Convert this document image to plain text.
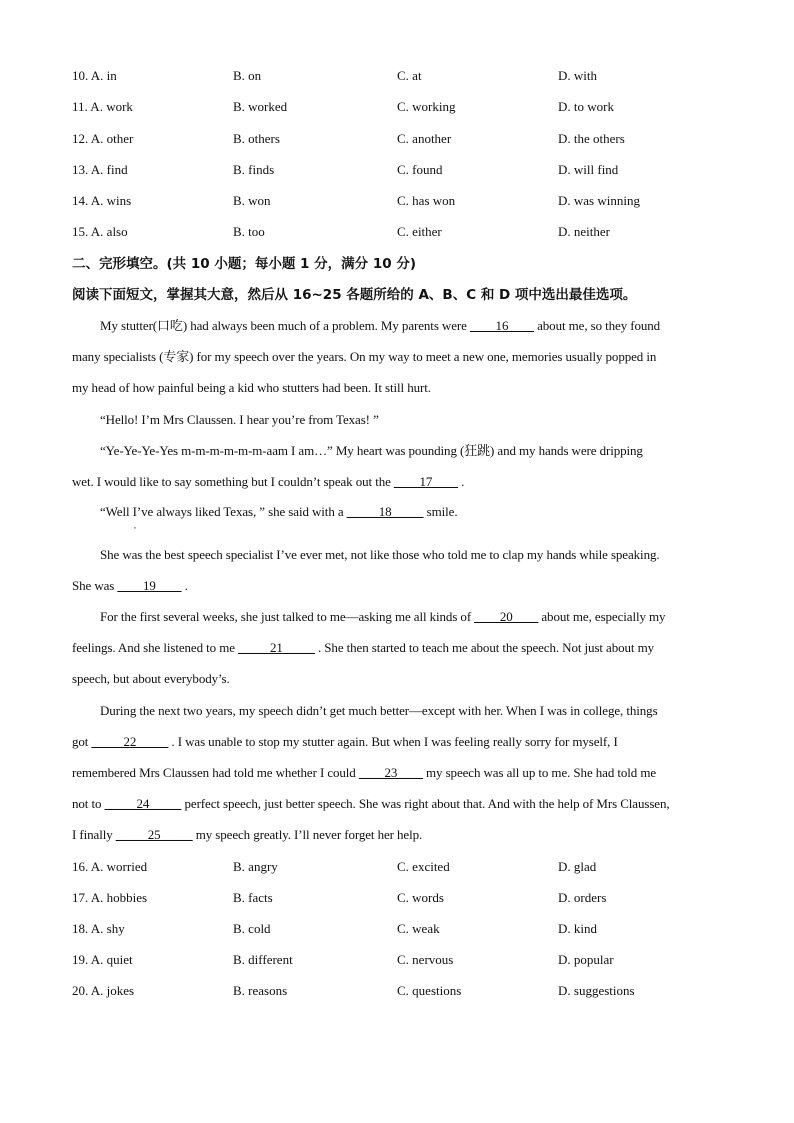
10. A. in	B. on	C. at	D. with
11. A. work	B. worked	C. working	D. to work
12. A. other	B. others	C. another	D. the others
13. A. find	B. finds	C. found	D. will find
14. A. wins	B. won	C. has won	D. was winning
15. A. also	B. too	C. either	D. neither
二、完形填空。(共 10 小题；每小题 1 分，满分 10 分)
阅读下面短文，掌握其大意，然后从 16~25 各题所给的 A、B、C 和 D 项中选出最佳选项。
My stutter(口吃) had always been much of a problem. My parents were ____16____ about me, so they found
many specialists (专家) for my speech over the years. On my way to meet a new one, memories usually popped in
my head of how painful being a kid who stutters had been. It still hurt.
“Hello! I’m Mrs Claussen. I hear you’re from Texas! ”
“Ye-Ye-Ye-Yes m-m-m-m-m-m-aam I am…” My heart was pounding (狂跳) and my hands were dripping
wet. I would like to say something but I couldn’t speak out the ____17____ .
“Well I’ve always liked Texas, ” she said with a _____18_____ smile.
,
She was the best speech specialist I’ve ever met, not like those who told me to clap my hands while speaking.
She was ____19____ .
For the first several weeks, she just talked to me—asking me all kinds of ____20____ about me, especially my
feelings. And she listened to me _____21_____ . She then started to teach me about the speech. Not just about my
speech, but about everybody’s.
During the next two years, my speech didn’t get much better—except with her. When I was in college, things
got _____22_____ . I was unable to stop my stutter again. But when I was feeling really sorry for myself, I
remembered Mrs Claussen had told me whether I could ____23____ my speech was all up to me. She had told me
not to _____24_____ perfect speech, just better speech. She was right about that. And with the help of Mrs Claussen,
I finally _____25_____ my speech greatly. I’ll never forget her help.
16. A. worried	B. angry	C. excited	D. glad
17. A. hobbies	B. facts	C. words	D. orders
18. A. shy	B. cold	C. weak	D. kind
19. A. quiet	B. different	C. nervous	D. popular
20. A. jokes	B. reasons	C. questions	D. suggestions
